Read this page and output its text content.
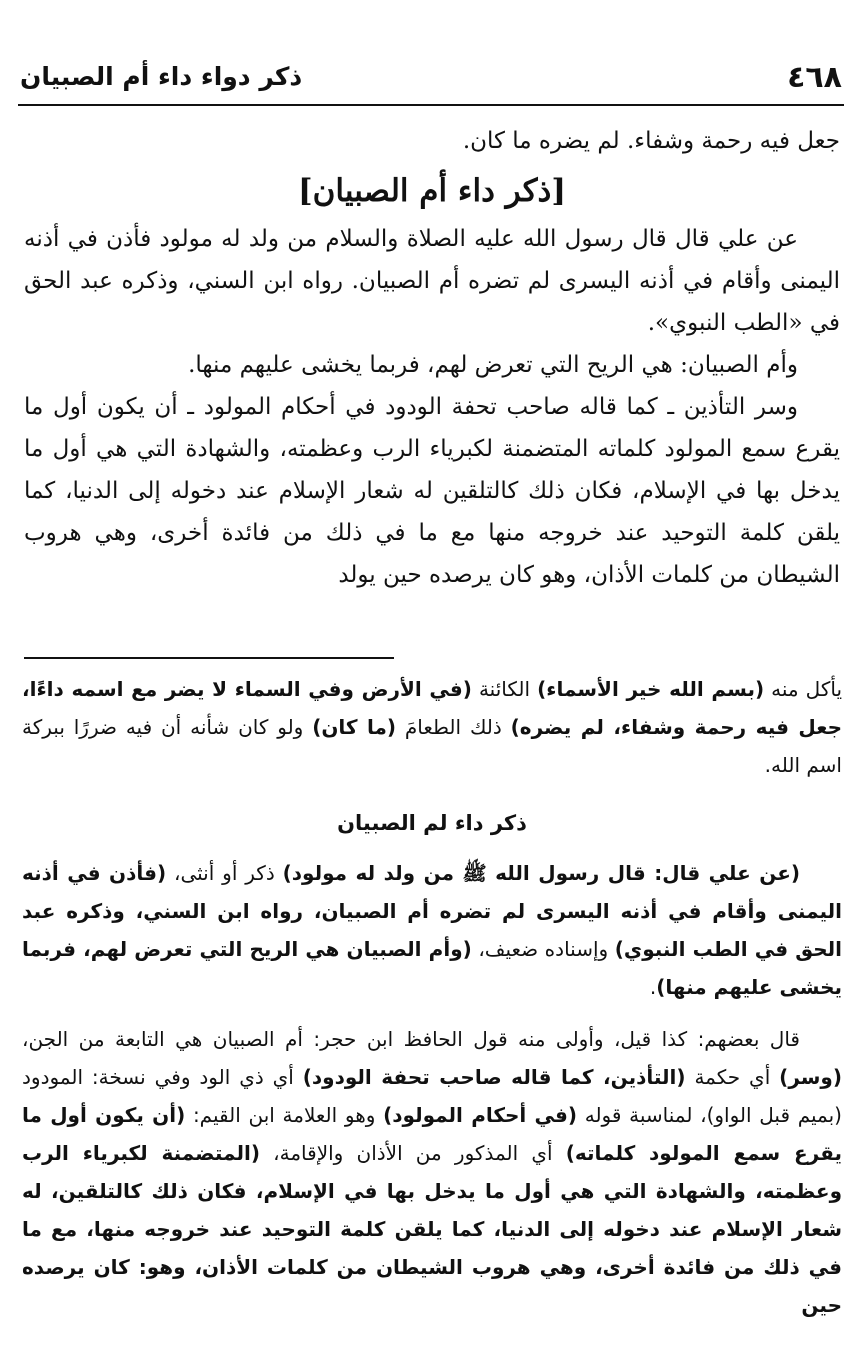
٤٦٨
ذكر دواء داء أم الصبيان

جعل فيه رحمة وشفاء. لم يضره ما كان.

[ذكر داء أم الصبيان]

عن علي قال قال رسول الله عليه الصلاة والسلام من ولد له مولود فأذن في أذنه اليمنى وأقام في أذنه اليسرى لم تضره أم الصبيان. رواه ابن السني، وذكره عبد الحق في «الطب النبوي».

وأم الصبيان: هي الريح التي تعرض لهم، فربما يخشى عليهم منها.

وسر التأذين ـ كما قاله صاحب تحفة الودود في أحكام المولود ـ أن يكون أول ما يقرع سمع المولود كلماته المتضمنة لكبرياء الرب وعظمته، والشهادة التي هي أول ما يدخل بها في الإسلام، فكان ذلك كالتلقين له شعار الإسلام عند دخوله إلى الدنيا، كما يلقن كلمة التوحيد عند خروجه منها مع ما في ذلك من فائدة أخرى، وهي هروب الشيطان من كلمات الأذان، وهو كان يرصده حين يولد

يأكل منه (بسم الله خير الأسماء) الكائنة (في الأرض وفي السماء لا يضر مع اسمه داءًا، جعل فيه رحمة وشفاء، لم يضره) ذلك الطعامَ (ما كان) ولو كان شأنه أن فيه ضررًا ببركة اسم الله.

ذكر داء لم الصبيان

(عن علي قال: قال رسول الله ﷺ من ولد له مولود) ذكر أو أنثى، (فأذن في أذنه اليمنى وأقام في أذنه اليسرى لم تضره أم الصبيان، رواه ابن السني، وذكره عبد الحق في الطب النبوي) وإسناده ضعيف، (وأم الصبيان هي الريح التي تعرض لهم، فربما يخشى عليهم منها).

قال بعضهم: كذا قيل، وأولى منه قول الحافظ ابن حجر: أم الصبيان هي التابعة من الجن، (وسر) أي حكمة (التأذين، كما قاله صاحب تحفة الودود) أي ذي الود وفي نسخة: المودود (بميم قبل الواو)، لمناسبة قوله (في أحكام المولود) وهو العلامة ابن القيم: (أن يكون أول ما يقرع سمع المولود كلماته) أي المذكور من الأذان والإقامة، (المتضمنة لكبرياء الرب وعظمته، والشهادة التي هي أول ما يدخل بها في الإسلام، فكان ذلك كالتلقين، له شعار الإسلام عند دخوله إلى الدنيا، كما يلقن كلمة التوحيد عند خروجه منها، مع ما في ذلك من فائدة أخرى، وهي هروب الشيطان من كلمات الأذان، وهو: كان يرصده حين
